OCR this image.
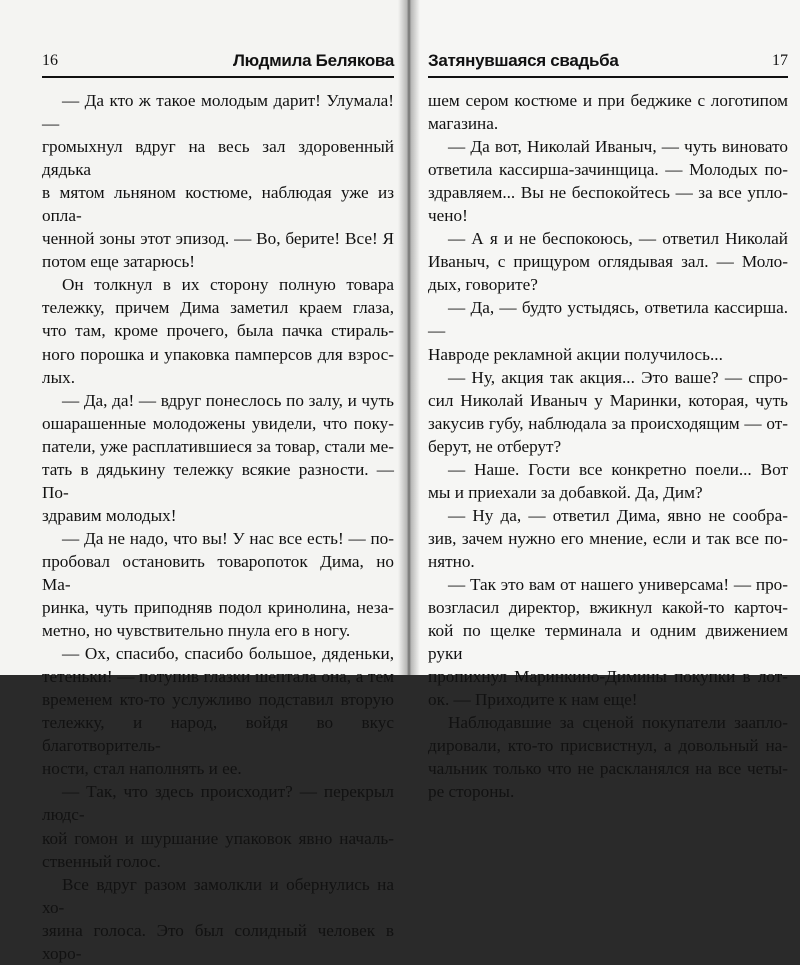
16	Людмила Белякова
— Да кто ж такое молодым дарит! Улумала! —
громыхнул вдруг на весь зал здоровенный дядька
в мятом льняном костюме, наблюдая уже из опла-
ченной зоны этот эпизод. — Во, берите! Все! Я
потом еще затарюсь!
Он толкнул в их сторону полную товара
тележку, причем Дима заметил краем глаза,
что там, кроме прочего, была пачка стираль-
ного порошка и упаковка памперсов для взрос-
лых.
— Да, да! — вдруг понеслось по залу, и чуть
ошарашенные молодожены увидели, что поку-
патели, уже расплатившиеся за товар, стали ме-
тать в дядькину тележку всякие разности. — По-
здравим молодых!
— Да не надо, что вы! У нас все есть! — по-
пробовал остановить товаропоток Дима, но Ма-
ринка, чуть приподняв подол кринолина, неза-
метно, но чувствительно пнула его в ногу.
— Ох, спасибо, спасибо большое, дяденьки,
тетеньки! — потупив глазки шептала она, а тем
временем кто-то услужливо подставил вторую
тележку, и народ, войдя во вкус благотворитель-
ности, стал наполнять и ее.
— Так, что здесь происходит? — перекрыл людс-
кой гомон и шуршание упаковок явно началь-
ственный голос.
Все вдруг разом замолкли и обернулись на хо-
зяина голоса. Это был солидный человек в хоро-
Затянувшаяся свадьба	17
шем сером костюме и при беджике с логотипом
магазина.
— Да вот, Николай Иваныч, — чуть виновато
ответила кассирша-зачинщица. — Молодых по-
здравляем... Вы не беспокойтесь — за все упло-
чено!
— А я и не беспокоюсь, — ответил Николай
Иваныч, с прищуром оглядывая зал. — Моло-
дых, говорите?
— Да, — будто устыдясь, ответила кассирша. —
Навроде рекламной акции получилось...
— Ну, акция так акция... Это ваше? — спро-
сил Николай Иваныч у Маринки, которая, чуть
закусив губу, наблюдала за происходящим — от-
берут, не отберут?
— Наше. Гости все конкретно поели... Вот
мы и приехали за добавкой. Да, Дим?
— Ну да, — ответил Дима, явно не сообра-
зив, зачем нужно его мнение, если и так все по-
нятно.
— Так это вам от нашего универсама! — про-
возгласил директор, вжикнул какой-то карточ-
кой по щелке терминала и одним движением руки
пропихнул Маринкино-Димины покупки в лот-
ок. — Приходите к нам еще!
Наблюдавшие за сценой покупатели зааплo-
дировали, кто-то присвистнул, а довольный на-
чальник только что не раскланялся на все четы-
ре стороны.
